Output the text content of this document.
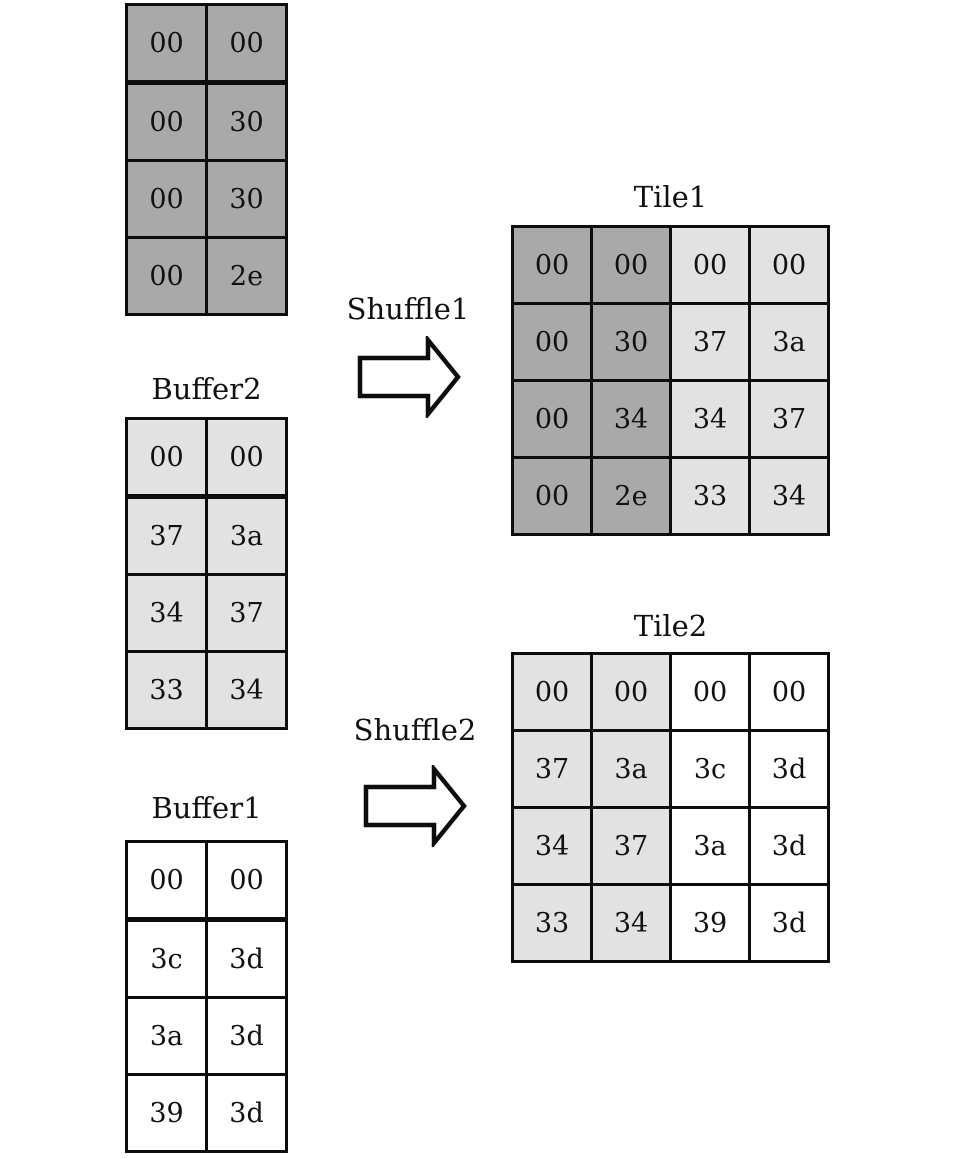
00	00
00	30
00	30
00	2e
Buffer2
00	00
37	3a
34	37
33	34
Buffer1
00	00
3c	3d
3a	3d
39	3d
Shuffle1
Shuffle2
Tile1
00	00	00	00
00	30	37	3a
00	34	34	37
00	2e	33	34
Tile2
00	00	00	00
37	3a	3c	3d
34	37	3a	3d
33	34	39	3d
